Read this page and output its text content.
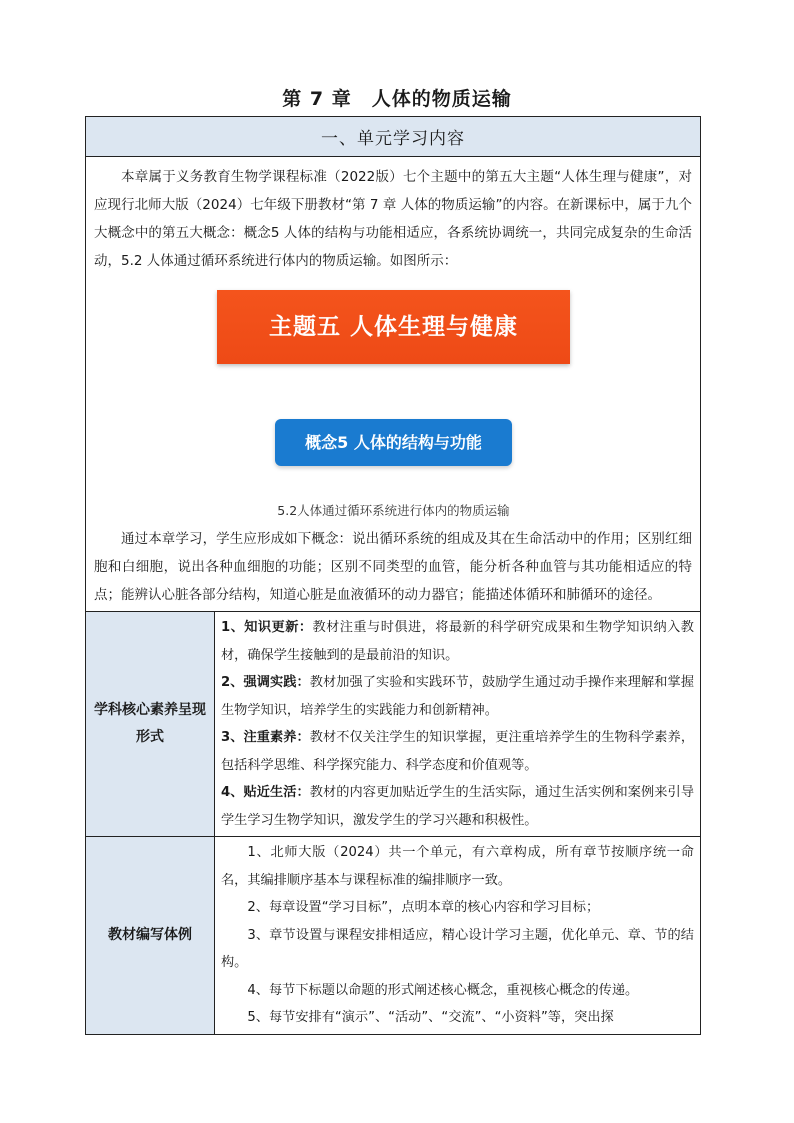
第 7 章　人体的物质运输
一、单元学习内容	

本章属于义务教育生物学课程标准（2022版）七个主题中的第五大主题“人体生理与健康”，对应现行北师大版（2024）七年级下册教材“第 7 章 人体的物质运输”的内容。在新课标中，属于九个大概念中的第五大概念：概念5 人体的结构与功能相适应，各系统协调统一，共同完成复杂的生命活动，5.2 人体通过循环系统进行体内的物质运输。如图所示：

主题五 人体生理与健康
概念5 人体的结构与功能
5.2人体通过循环系统进行体内的物质运输

通过本章学习，学生应形成如下概念：说出循环系统的组成及其在生命活动中的作用；区别红细胞和白细胞，说出各种血细胞的功能；区别不同类型的血管，能分析各种血管与其功能相适应的特点；能辨认心脏各部分结构，知道心脏是血液循环的动力器官；能描述体循环和肺循环的途径。	

学科核心素养呈现形式	1、知识更新：教材注重与时俱进，将最新的科学研究成果和生物学知识纳入教材，确保学生接触到的是最前沿的知识。

2、强调实践：教材加强了实验和实践环节，鼓励学生通过动手操作来理解和掌握生物学知识，培养学生的实践能力和创新精神。

3、注重素养：教材不仅关注学生的知识掌握，更注重培养学生的生物科学素养，包括科学思维、科学探究能力、科学态度和价值观等。

4、贴近生活：教材的内容更加贴近学生的生活实际，通过生活实例和案例来引导学生学习生物学知识，激发学生的学习兴趣和积极性。

教材编写体例	1、北师大版（2024）共一个单元，有六章构成，所有章节按顺序统一命名，其编排顺序基本与课程标准的编排顺序一致。

2、每章设置“学习目标”，点明本章的核心内容和学习目标；

3、章节设置与课程安排相适应，精心设计学习主题，优化单元、章、节的结构。

4、每节下标题以命题的形式阐述核心概念，重视核心概念的传递。

5、每节安排有“演示”、“活动”、“交流”、“小资料”等，突出探
